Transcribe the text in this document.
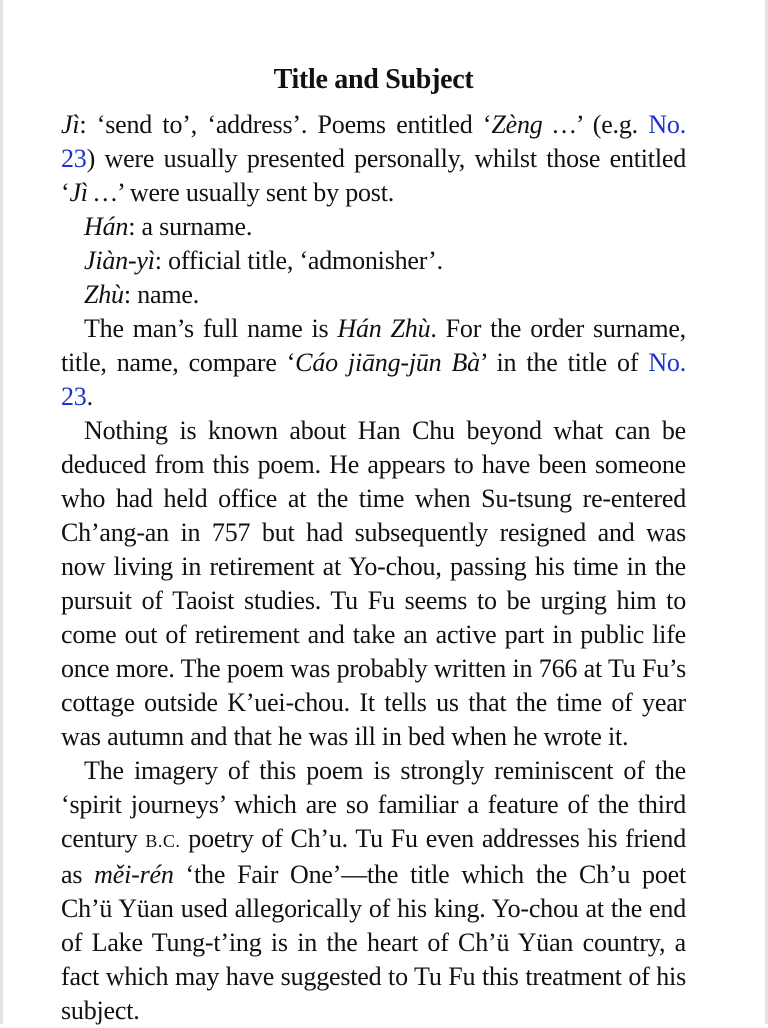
Title and Subject

Jì: ‘send to’, ‘address’. Poems entitled ‘Zèng …’ (e.g. No. 23) were usually presented personally, whilst those entitled ‘Jì …’ were usually sent by post.

Hán: a surname.

Jiàn-yì: official title, ‘admonisher’.

Zhù: name.

The man’s full name is Hán Zhù. For the order surname, title, name, compare ‘Cáo jiāng-jūn Bà’ in the title of No. 23.

Nothing is known about Han Chu beyond what can be deduced from this poem. He appears to have been someone who had held office at the time when Su-tsung re-entered Ch’ang-an in 757 but had subsequently resigned and was now living in retirement at Yo-chou, passing his time in the pursuit of Taoist studies. Tu Fu seems to be urging him to come out of retirement and take an active part in public life once more. The poem was probably written in 766 at Tu Fu’s cottage outside K’uei-chou. It tells us that the time of year was autumn and that he was ill in bed when he wrote it.

The imagery of this poem is strongly reminiscent of the ‘spirit journeys’ which are so familiar a feature of the third century B.C. poetry of Ch’u. Tu Fu even addresses his friend as měi-rén ‘the Fair One’—the title which the Ch’u poet Ch’ü Yüan used allegorically of his king. Yo-chou at the end of Lake Tung-t’ing is in the heart of Ch’ü Yüan country, a fact which may have suggested to Tu Fu this treatment of his subject.
